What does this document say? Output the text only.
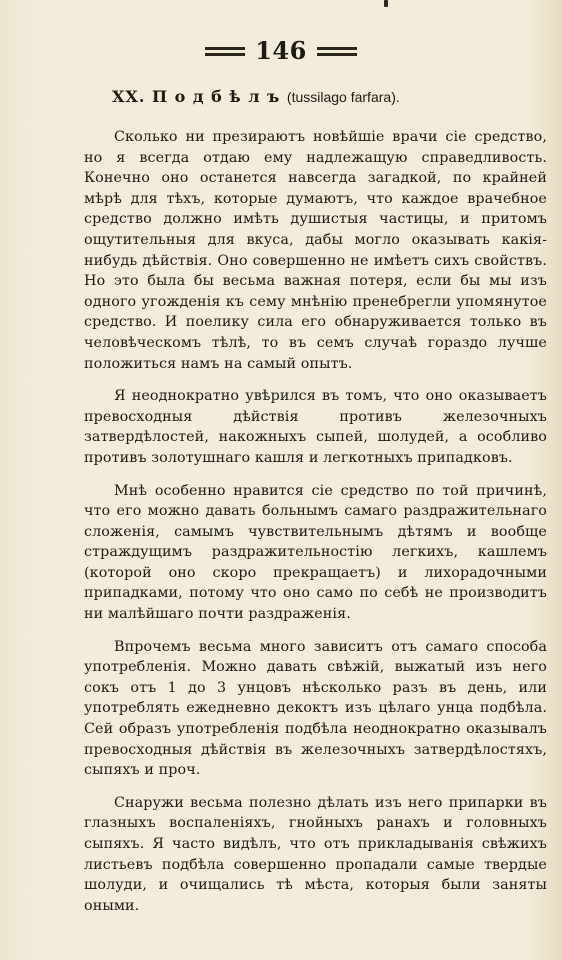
146
XX. П о д б ѣ л ъ (tussilago farfara).

Сколько ни презираютъ новѣйшіе врачи сіе средство, но я всегда отдаю ему надлежащую справедливость. Конечно оно останется навсегда загадкой, по крайней мѣрѣ для тѣхъ, которые думаютъ, что каждое врачебное средство должно имѣть душистыя частицы, и притомъ ощутительныя для вкуса, дабы могло оказывать какія-нибудь дѣйствія. Оно совершенно не имѣетъ сихъ свойствъ. Но это была бы весьма важная потеря, если бы мы изъ одного угожденія къ сему мнѣнію пренебрегли упомянутое средство. И поелику сила его обнаруживается только въ человѣческомъ тѣлѣ, то въ семъ случаѣ гораздо лучше положиться намъ на самый опытъ.

Я неоднократно увѣрился въ томъ, что оно оказываетъ превосходныя дѣйствія противъ железочныхъ затвердѣлостей, накожныхъ сыпей, шолудей, а особливо противъ золотушнаго кашля и легкотныхъ припадковъ.

Мнѣ особенно нравится сіе средство по той причинѣ, что его можно давать больнымъ самаго раздражительнаго сложенія, самымъ чувствительнымъ дѣтямъ и вообще страждущимъ раздражительностію легкихъ, кашлемъ (которой оно скоро прекращаетъ) и лихорадочными припадками, потому что оно само по себѣ не производитъ ни малѣйшаго почти раздраженія.

Впрочемъ весьма много зависитъ отъ самаго способа употребленія. Можно давать свѣжій, выжатый изъ него сокъ отъ 1 до 3 унцовъ нѣсколько разъ въ день, или употреблять ежедневно декоктъ изъ цѣлаго унца подбѣла. Сей образъ употребленія подбѣла неоднократно оказывалъ превосходныя дѣйствія въ железочныхъ затвердѣлостяхъ, сыпяхъ и проч.

Снаружи весьма полезно дѣлать изъ него припарки въ глазныхъ воспаленіяхъ, гнойныхъ ранахъ и головныхъ сыпяхъ. Я часто видѣлъ, что отъ прикладыванія свѣжихъ листьевъ подбѣла совершенно пропадали самые твердые шолуди, и очищались тѣ мѣста, которыя были заняты оными.
